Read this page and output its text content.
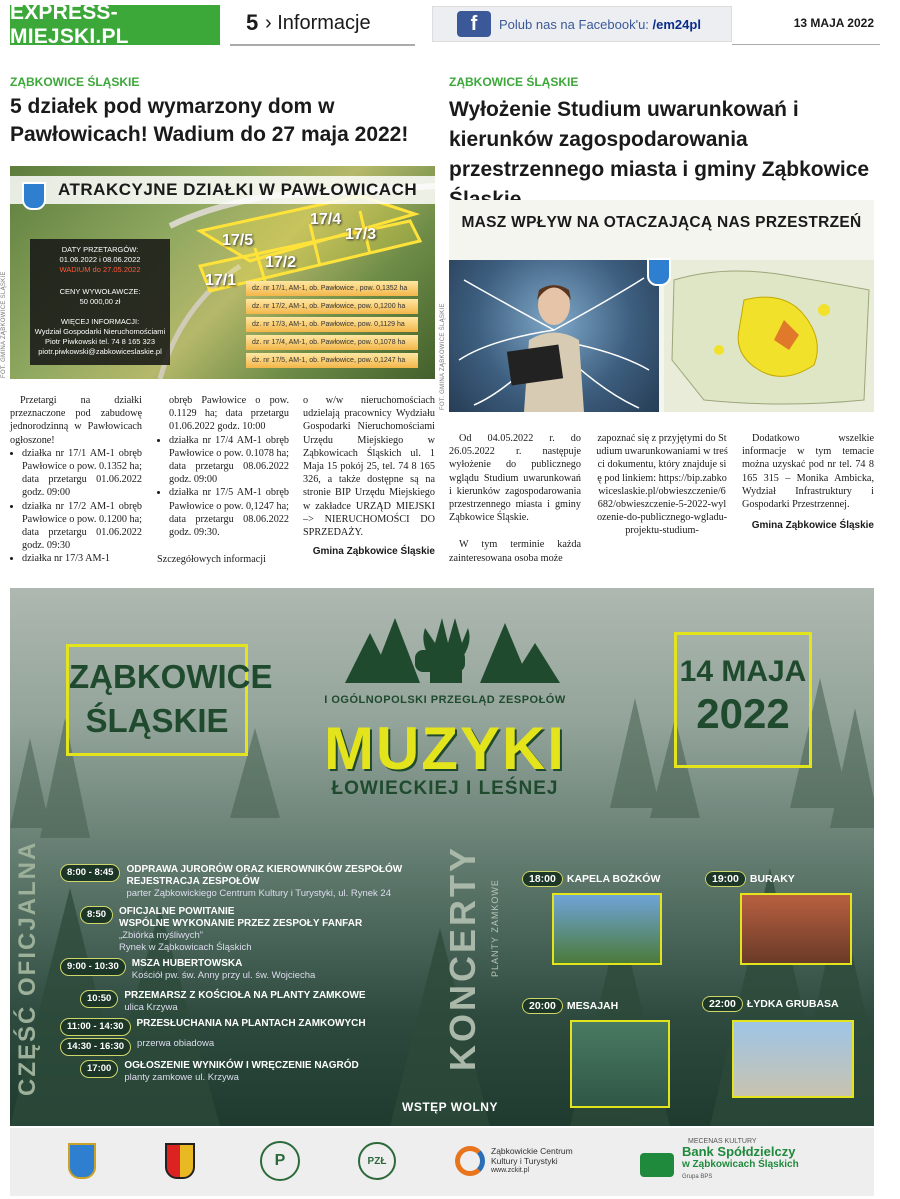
EXPRESS-MIEJSKI.PL
5 › Informacje	f	Polub nas na Facebook'u: /em24pl	13 MAJA 2022
ZĄBKOWICE ŚLĄSKIE
5 działek pod wymarzony dom w Pawłowicach! Wadium do 27 maja 2022!
FOT. GMINA ZĄBKOWICE ŚLĄSKIE
ATRAKCYJNE DZIAŁKI W PAWŁOWICACH
17/5
17/4
17/3
17/2
17/1
DATY PRZETARGÓW:
01.06.2022 i 08.06.2022
WADIUM do 27.05.2022
CENY WYWOŁAWCZE:
50 000,00 zł
WIĘCEJ INFORMACJI:
Wydział Gospodarki Nieruchomościami
Piotr Piwkowski tel. 74 8 165 323
piotr.piwkowski@zabkowiceslaskie.pl
dz. nr 17/1, AM-1, ob. Pawłowice , pow. 0,1352 ha
dz. nr 17/2, AM-1, ob. Pawłowice, pow. 0,1200 ha
dz. nr 17/3, AM-1, ob. Pawłowice, pow. 0,1129 ha
dz. nr 17/4, AM-1, ob. Pawłowice, pow. 0,1078 ha
dz. nr 17/5, AM-1, ob. Pawłowice, pow. 0,1247 ha

Przetargi na działki przeznaczone pod zabudowę jednorodzinną w Pawłowicach ogłoszone!

• działka nr 17/1 AM-1 obręb Pawłowice o pow. 0.1352 ha; data przetargu 01.06.2022 godz. 09:00
• działka nr 17/2 AM-1 obręb Pawłowice o pow. 0.1200 ha; data przetargu 01.06.2022 godz. 09:30
• działka nr 17/3 AM-1

obręb Pawłowice o pow. 0.1129 ha; data przetargu 01.06.2022 godz. 10:00

• działka nr 17/4 AM-1 obręb Pawłowice o pow. 0.1078 ha; data przetargu 08.06.2022 godz. 09:00
• działka nr 17/5 AM-1 obręb Pawłowice o pow. 0,1247 ha; data przetargu 08.06.2022 godz. 09:30.

Szczegółowych informacji

o w/w nieruchomościach udzielają pracownicy Wydziału Gospodarki Nieruchomościami Urzędu Miejskiego w Ząbkowicach Śląskich ul. 1 Maja 15 pokój 25, tel. 74 8 165 326, a także dostępne są na stronie BIP Urzędu Miejskiego w zakładce URZĄD MIEJSKI –> NIERUCHOMOŚCI DO SPRZEDAŻY.

Gmina Ząbkowice Śląskie
ZĄBKOWICE ŚLĄSKIE
Wyłożenie Studium uwarunkowań i kierunków zagospodarowania przestrzennego miasta i gminy Ząbkowice
FOT. GMINA ZĄBKOWICE ŚLĄSKIE
MASZ WPŁYW NA OTACZAJĄCĄ NAS PRZESTRZEŃ

Od 04.05.2022 r. do 26.05.2022 r. następuje wyłożenie do publicznego wglądu Studium uwarunkowań i kierunków zagospodarowania przestrzennego miasta i gminy Ząbkowice Śląskie.

W tym terminie każda zainteresowana osoba może

zapoznać się z przyjętymi do Studium uwarunkowaniami w treści dokumentu, który znajduje się pod linkiem: https://bip.zabkowiceslaskie.pl/obwieszczenie/6682/obwieszczenie-5-2022-wylozenie-do-publicznego-wgladu-projektu-studium-

Dodatkowo wszelkie informacje w tym temacie można uzyskać pod nr tel. 74 8 165 315 – Monika Ambicka, Wydział Infrastruktury i Gospodarki Przestrzennej.

Gmina Ząbkowice Śląskie
ZĄBKOWICE
ŚLĄSKIE
14 MAJA
2022
I OGÓLNOPOLSKI PRZEGLĄD ZESPOŁÓW
MUZYKI
ŁOWIECKIEJ I LEŚNEJ
CZĘŚĆ OFICJALNA	8:00 - 8:45 ODPRAWA JURORÓW ORAZ KIEROWNIKÓW ZESPOŁÓW
REJESTRACJA ZESPOŁÓW
parter Ząbkowickiego Centrum Kultury i Turystyki, ul. Rynek 24
8:50 OFICJALNE POWITANIE
WSPÓLNE WYKONANIE PRZEZ ZESPOŁY FANFAR
„Zbiórka myśliwych”
Rynek w Ząbkowicach Śląskich
9:00 - 10:30 MSZA HUBERTOWSKA
Kościół pw. św. Anny przy ul. św. Wojciecha
10:50 PRZEMARSZ Z KOŚCIOŁA NA PLANTY ZAMKOWE
ulica Krzywa
11:00 - 14:30 PRZESŁUCHANIA NA PLANTACH ZAMKOWYCH
14:30 - 16:30 przerwa obiadowa
17:00 OGŁOSZENIE WYNIKÓW I WRĘCZENIE NAGRÓD
planty zamkowe ul. Krzywa
KONCERTY PLANTY ZAMKOWE
18:00 KAPELA BOŻKÓW	19:00 BURAKY
20:00 MESAJAH	22:00 ŁYDKA GRUBASA
WSTĘP WOLNY
P	PZŁ
Ząbkowickie Centrum
Kultury i Turystyki
www.zckit.pl
MECENAS KULTURY
Bank Spółdzielczy
w Ząbkowicach Śląskich
Grupa BPS
